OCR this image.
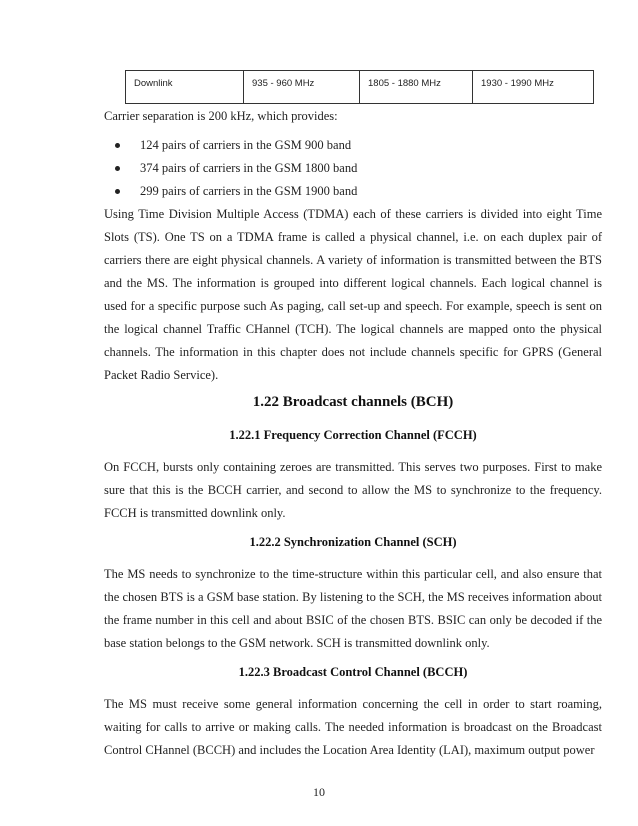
Downlink	935 - 960 MHz	1805 - 1880 MHz	1930 - 1990 MHz

Carrier separation is 200 kHz, which provides:

124 pairs of carriers in the GSM 900 band
374 pairs of carriers in the GSM 1800 band
299 pairs of carriers in the GSM 1900 band

Using Time Division Multiple Access (TDMA) each of these carriers is divided into eight Time Slots (TS). One TS on a TDMA frame is called a physical channel, i.e. on each duplex pair of carriers there are eight physical channels. A variety of information is transmitted between the BTS and the MS. The information is grouped into different logical channels. Each logical channel is used for a specific purpose such As paging, call set-up and speech. For example, speech is sent on the logical channel Traffic CHannel (TCH). The logical channels are mapped onto the physical channels. The information in this chapter does not include channels specific for GPRS (General Packet Radio Service).

1.22 Broadcast channels (BCH)
1.22.1 Frequency Correction Channel (FCCH)

On FCCH, bursts only containing zeroes are transmitted. This serves two purposes. First to make sure that this is the BCCH carrier, and second to allow the MS to synchronize to the frequency. FCCH is transmitted downlink only.

1.22.2 Synchronization Channel (SCH)

The MS needs to synchronize to the time-structure within this particular cell, and also ensure that the chosen BTS is a GSM base station. By listening to the SCH, the MS receives information about the frame number in this cell and about BSIC of the chosen BTS. BSIC can only be decoded if the base station belongs to the GSM network. SCH is transmitted downlink only.

1.22.3 Broadcast Control Channel (BCCH)

The MS must receive some general information concerning the cell in order to start roaming, waiting for calls to arrive or making calls. The needed information is broadcast on the Broadcast Control CHannel (BCCH) and includes the Location Area Identity (LAI), maximum output power

10
